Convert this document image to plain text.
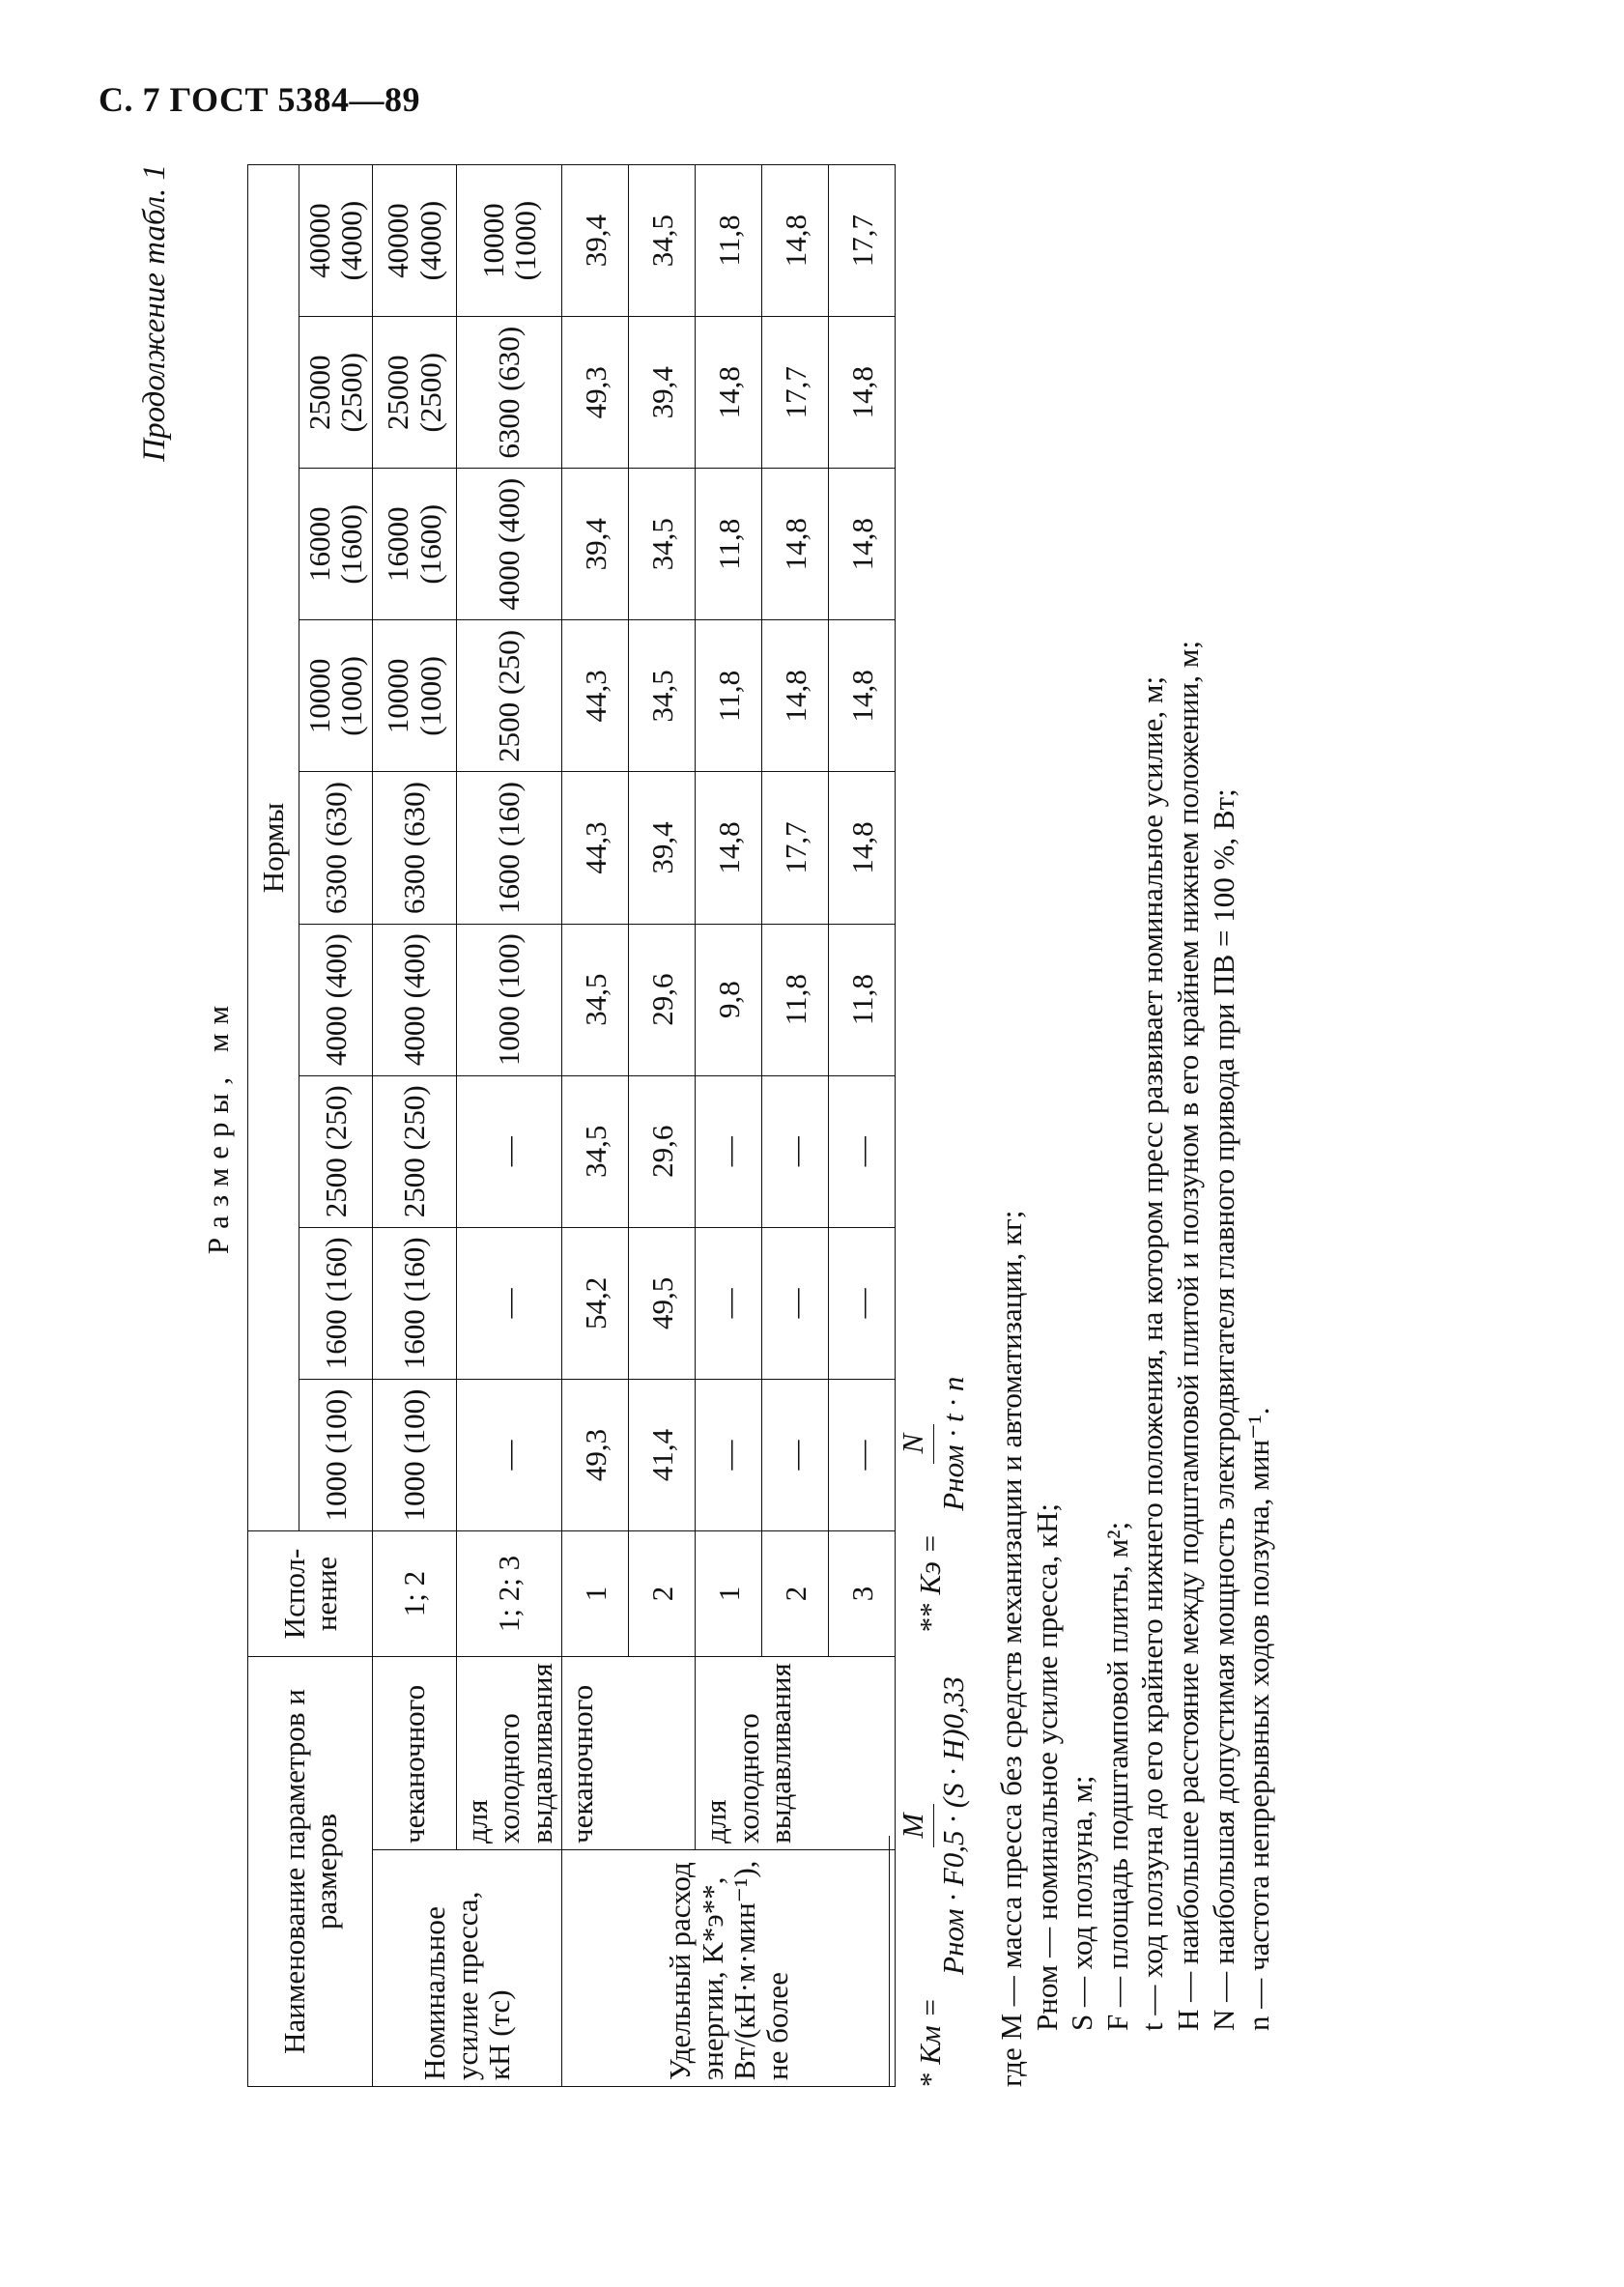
С. 7 ГОСТ 5384—89
Продолжение табл. 1
Размеры, мм											
Наименование параметров и размеров		Испол-нение	Нормы								
			1000 (100)	1600 (160)	2500 (250)	4000 (400)	6300 (630)	10000 (1000)	16000 (1600)	25000 (2500)	40000 (4000)
Номинальное усилие пресса, кН (тс)	чеканочного	1; 2	1000 (100)	1600 (160)	2500 (250)	4000 (400)	6300 (630)	10000 (1000)	16000 (1600)	25000 (2500)	40000 (4000)
	для холодного выдавливания	1; 2; 3	—	—	—	1000 (100)	1600 (160)	2500 (250)	4000 (400)	6300 (630)	10000 (1000)
Удельный расход энергии, K*э**, Вт/(кН·м·мин⁻¹), не более	чеканочного	1	49,3	54,2	34,5	34,5	44,3	44,3	39,4	49,3	39,4
		2	41,4	49,5	29,6	29,6	39,4	34,5	34,5	39,4	34,5
	для холодного выдавливания	1	—	—	—	9,8	14,8	11,8	11,8	14,8	11,8
		2	—	—	—	11,8	17,7	14,8	14,8	17,7	14,8
		3	—	—	—	11,8	14,8	14,8	14,8	14,8	17,7
* Kм =
M Pном · F0,5 · (S · H)0,33
** Kэ =
N Pном · t · n где M — масса пресса без средств механизации и автоматизации, кг; Pном — номинальное усилие пресса, кН; S — ход ползуна, м; F — площадь подштамповой плиты, м²; t — ход ползуна до его крайнего нижнего положения, на котором пресс развивает номинальное усилие, м; H — наибольшее расстояние между подштамповой плитой и ползуном в его крайнем нижнем положении, м; N — наибольшая допустимая мощность электродвигателя главного привода при ПВ = 100 %, Вт; n — частота непрерывных ходов ползуна, мин⁻¹.
